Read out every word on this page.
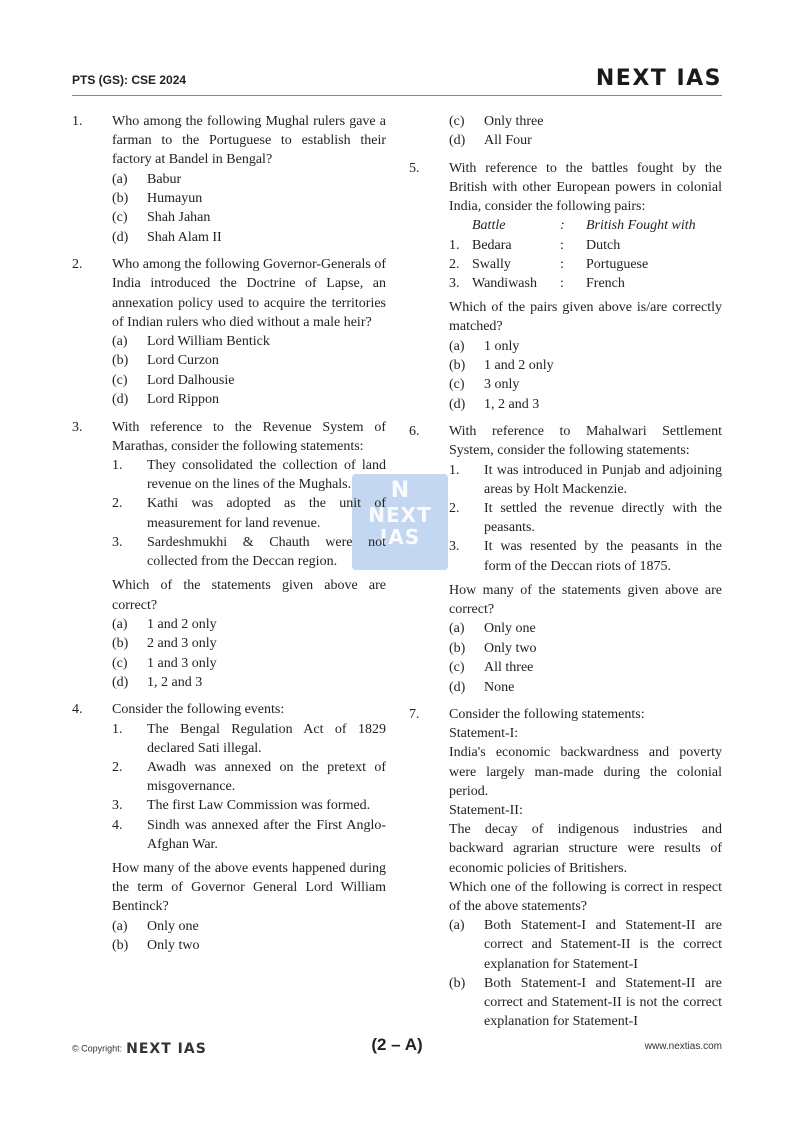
PTS (GS): CSE 2024	NEXT IAS
N
NEXT
IAS
1.	Who among the following Mughal rulers gave a farman to the Portuguese to establish their factory at Bandel in Bengal?
(a)	Babur
(b)	Humayun
(c)	Shah Jahan
(d)	Shah Alam II
2.	Who among the following Governor-Generals of India introduced the Doctrine of Lapse, an annexation policy used to acquire the territories of Indian rulers who died without a male heir?
(a)	Lord William Bentick
(b)	Lord Curzon
(c)	Lord Dalhousie
(d)	Lord Rippon
3.	With reference to the Revenue System of Marathas, consider the following statements:
1.	They consolidated the collection of land revenue on the lines of the Mughals.
2.	Kathi was adopted as the unit of measurement for land revenue.
3.	Sardeshmukhi & Chauth were not collected from the Deccan region.
Which of the statements given above are correct?
(a)	1 and 2 only
(b)	2 and 3 only
(c)	1 and 3 only
(d)	1, 2 and 3
4.	Consider the following events:
1.	The Bengal Regulation Act of 1829 declared Sati illegal.
2.	Awadh was annexed on the pretext of misgovernance.
3.	The first Law Commission was formed.
4.	Sindh was annexed after the First Anglo-Afghan War.
How many of the above events happened during the term of Governor General Lord William Bentinck?
(a)	Only one
(b)	Only two
(c)	Only three
(d)	All Four
5.	With reference to the battles fought by the British with other European powers in colonial India, consider the following pairs:
Battle	:	British Fought with
1. Bedara	:	Dutch
2. Swally	:	Portuguese
3. Wandiwash	:	French
Which of the pairs given above is/are correctly matched?
(a)	1 only
(b)	1 and 2 only
(c)	3 only
(d)	1, 2 and 3
6.	With reference to Mahalwari Settlement System, consider the following statements:
1.	It was introduced in Punjab and adjoining areas by Holt Mackenzie.
2.	It settled the revenue directly with the peasants.
3.	It was resented by the peasants in the form of the Deccan riots of 1875.
How many of the statements given above are correct?
(a)	Only one
(b)	Only two
(c)	All three
(d)	None
7.	Consider the following statements:
Statement-I:
India's economic backwardness and poverty were largely man-made during the colonial period.
Statement-II:
The decay of indigenous industries and backward agrarian structure were results of economic policies of Britishers.
Which one of the following is correct in respect of the above statements?
(a)	Both Statement-I and Statement-II are correct and Statement-II is the correct explanation for Statement-I
(b)	Both Statement-I and Statement-II are correct and Statement-II is not the correct explanation for Statement-I
© Copyright: NEXT IAS	(2 – A)	www.nextias.com
